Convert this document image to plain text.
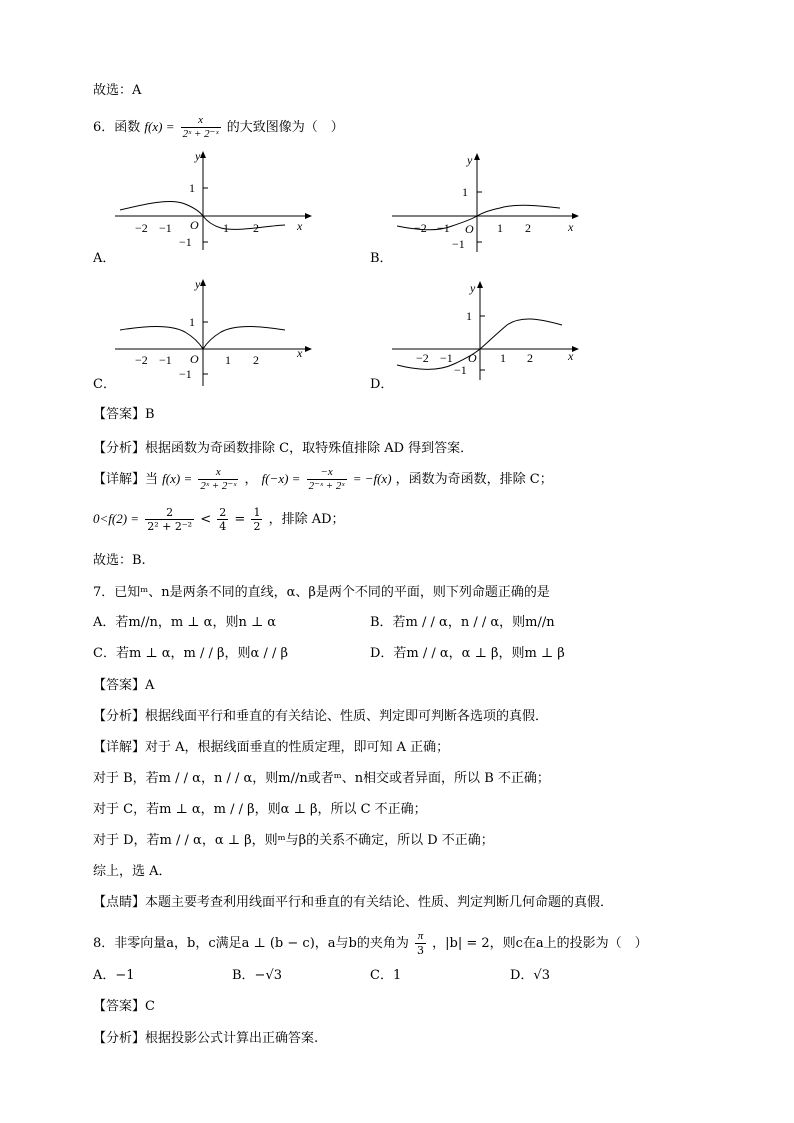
故选：A
6．函数 $f(x) = \frac{x}{\text{2ˣ + 2⁻ˣ}}$ 的大致图像为（　）
y
x
O
1
−1
1 2
−2 −1
A．
y
x
O
1
−1
1 2
−2 −1
B．
y
x
O
1
−1
1 2
−2 −1
C．
y
x
O
1
−1
1 2
−2 −1
D．
【答案】B
【分析】根据函数为奇函数排除 C，取特殊值排除 AD 得到答案．
【详解】当 $f(x) = \frac{x}{\text{2ˣ + 2⁻ˣ}}$ ， $f(-x) = \frac{-x}{\text{2⁻ˣ + 2ˣ}} = -f(x)$ ，函数为奇函数，排除 C；
$0<f(2) = \frac{2}{\text{2² + 2⁻²}} < \frac{2}{4} = \frac{1}{2}$ ，排除 AD；
故选：B.
7．已知ᵐ、n是两条不同的直线，α、β是两个不同的平面，则下列命题正确的是
A．若m//n，m ⊥ α，则n ⊥ α	B．若m / / α，n / / α，则m//n
C．若m ⊥ α，m / / β，则α / / β	D．若m / / α，α ⊥ β，则m ⊥ β
【答案】A
【分析】根据线面平行和垂直的有关结论、性质、判定即可判断各选项的真假．
【详解】对于 A，根据线面垂直的性质定理，即可知 A 正确；
对于 B，若m / / α，n / / α，则m//n或者ᵐ、n相交或者异面，所以 B 不正确；
对于 C，若m ⊥ α，m / / β，则α ⊥ β，所以 C 不正确；
对于 D，若m / / α，α ⊥ β，则ᵐ与β的关系不确定，所以 D 不正确；
综上，选 A．
【点睛】本题主要考查利用线面平行和垂直的有关结论、性质、判定判断几何命题的真假．
8．非零向量a，b，c满足a ⊥ (b − c)，a与b的夹角为 $\frac{\pi}{3}$ ，|b| = 2，则c在a上的投影为（　）
A．−1	B．−√3	C．1	D．√3
【答案】C
【分析】根据投影公式计算出正确答案.
